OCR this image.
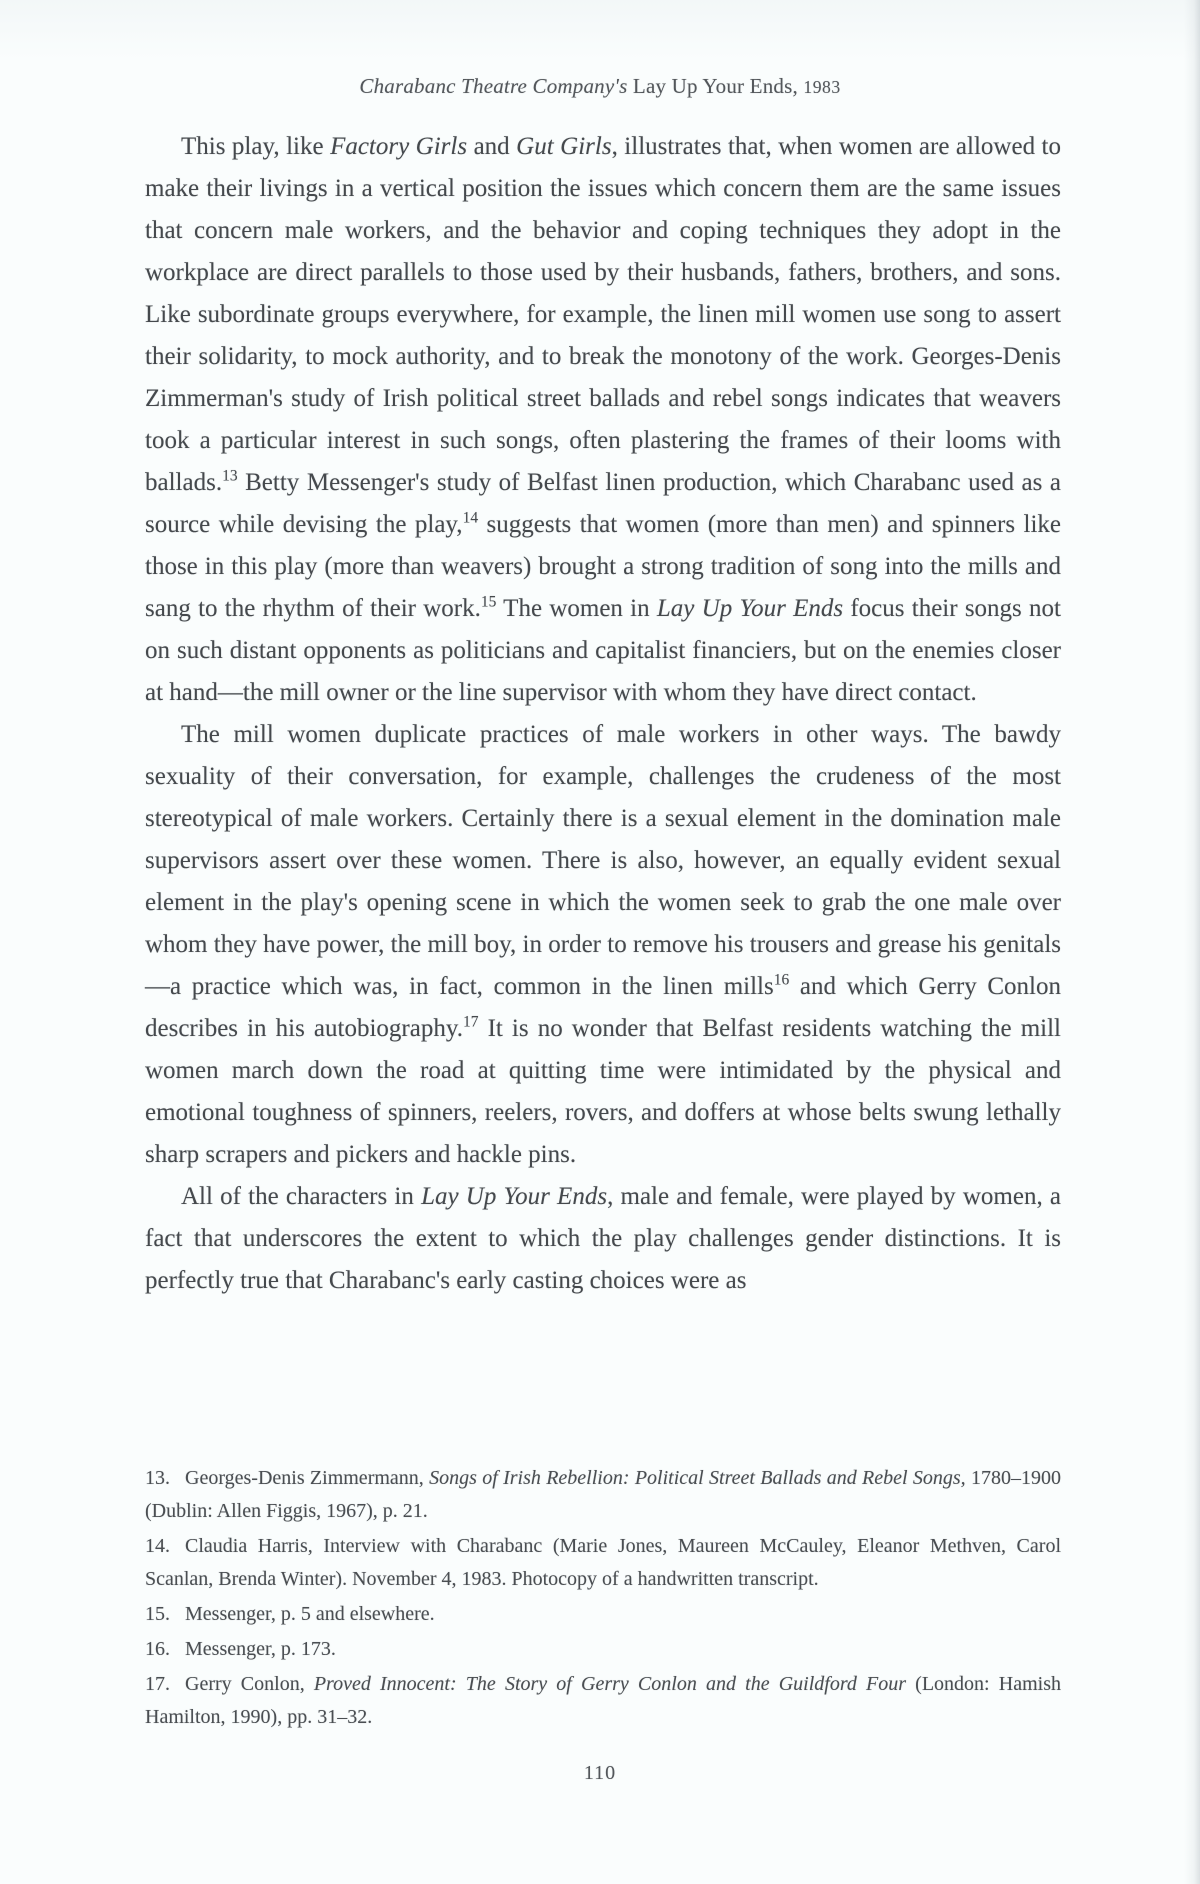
Charabanc Theatre Company's Lay Up Your Ends, 1983

This play, like Factory Girls and Gut Girls, illustrates that, when women are allowed to make their livings in a vertical position the issues which concern them are the same issues that concern male workers, and the behavior and coping techniques they adopt in the workplace are direct parallels to those used by their husbands, fathers, brothers, and sons. Like subordinate groups everywhere, for example, the linen mill women use song to assert their solidarity, to mock authority, and to break the monotony of the work. Georges-Denis Zimmerman's study of Irish political street ballads and rebel songs indicates that weavers took a particular interest in such songs, often plastering the frames of their looms with ballads.$^{13}$ Betty Messenger's study of Belfast linen production, which Charabanc used as a source while devising the play,$^{14}$ suggests that women (more than men) and spinners like those in this play (more than weavers) brought a strong tradition of song into the mills and sang to the rhythm of their work.$^{15}$ The women in Lay Up Your Ends focus their songs not on such distant opponents as politicians and capitalist financiers, but on the enemies closer at hand—the mill owner or the line supervisor with whom they have direct contact.

The mill women duplicate practices of male workers in other ways. The bawdy sexuality of their conversation, for example, challenges the crudeness of the most stereotypical of male workers. Certainly there is a sexual element in the domination male supervisors assert over these women. There is also, however, an equally evident sexual element in the play's opening scene in which the women seek to grab the one male over whom they have power, the mill boy, in order to remove his trousers and grease his genitals—a practice which was, in fact, common in the linen mills$^{16}$ and which Gerry Conlon describes in his autobiography.$^{17}$ It is no wonder that Belfast residents watching the mill women march down the road at quitting time were intimidated by the physical and emotional toughness of spinners, reelers, rovers, and doffers at whose belts swung lethally sharp scrapers and pickers and hackle pins.

All of the characters in Lay Up Your Ends, male and female, were played by women, a fact that underscores the extent to which the play challenges gender distinctions. It is perfectly true that Charabanc's early casting choices were as

13. Georges-Denis Zimmermann, Songs of Irish Rebellion: Political Street Ballads and Rebel Songs, 1780–1900 (Dublin: Allen Figgis, 1967), p. 21.

14. Claudia Harris, Interview with Charabanc (Marie Jones, Maureen McCauley, Eleanor Methven, Carol Scanlan, Brenda Winter). November 4, 1983. Photocopy of a handwritten transcript.

15. Messenger, p. 5 and elsewhere.

16. Messenger, p. 173.

17. Gerry Conlon, Proved Innocent: The Story of Gerry Conlon and the Guildford Four (London: Hamish Hamilton, 1990), pp. 31–32.

110
